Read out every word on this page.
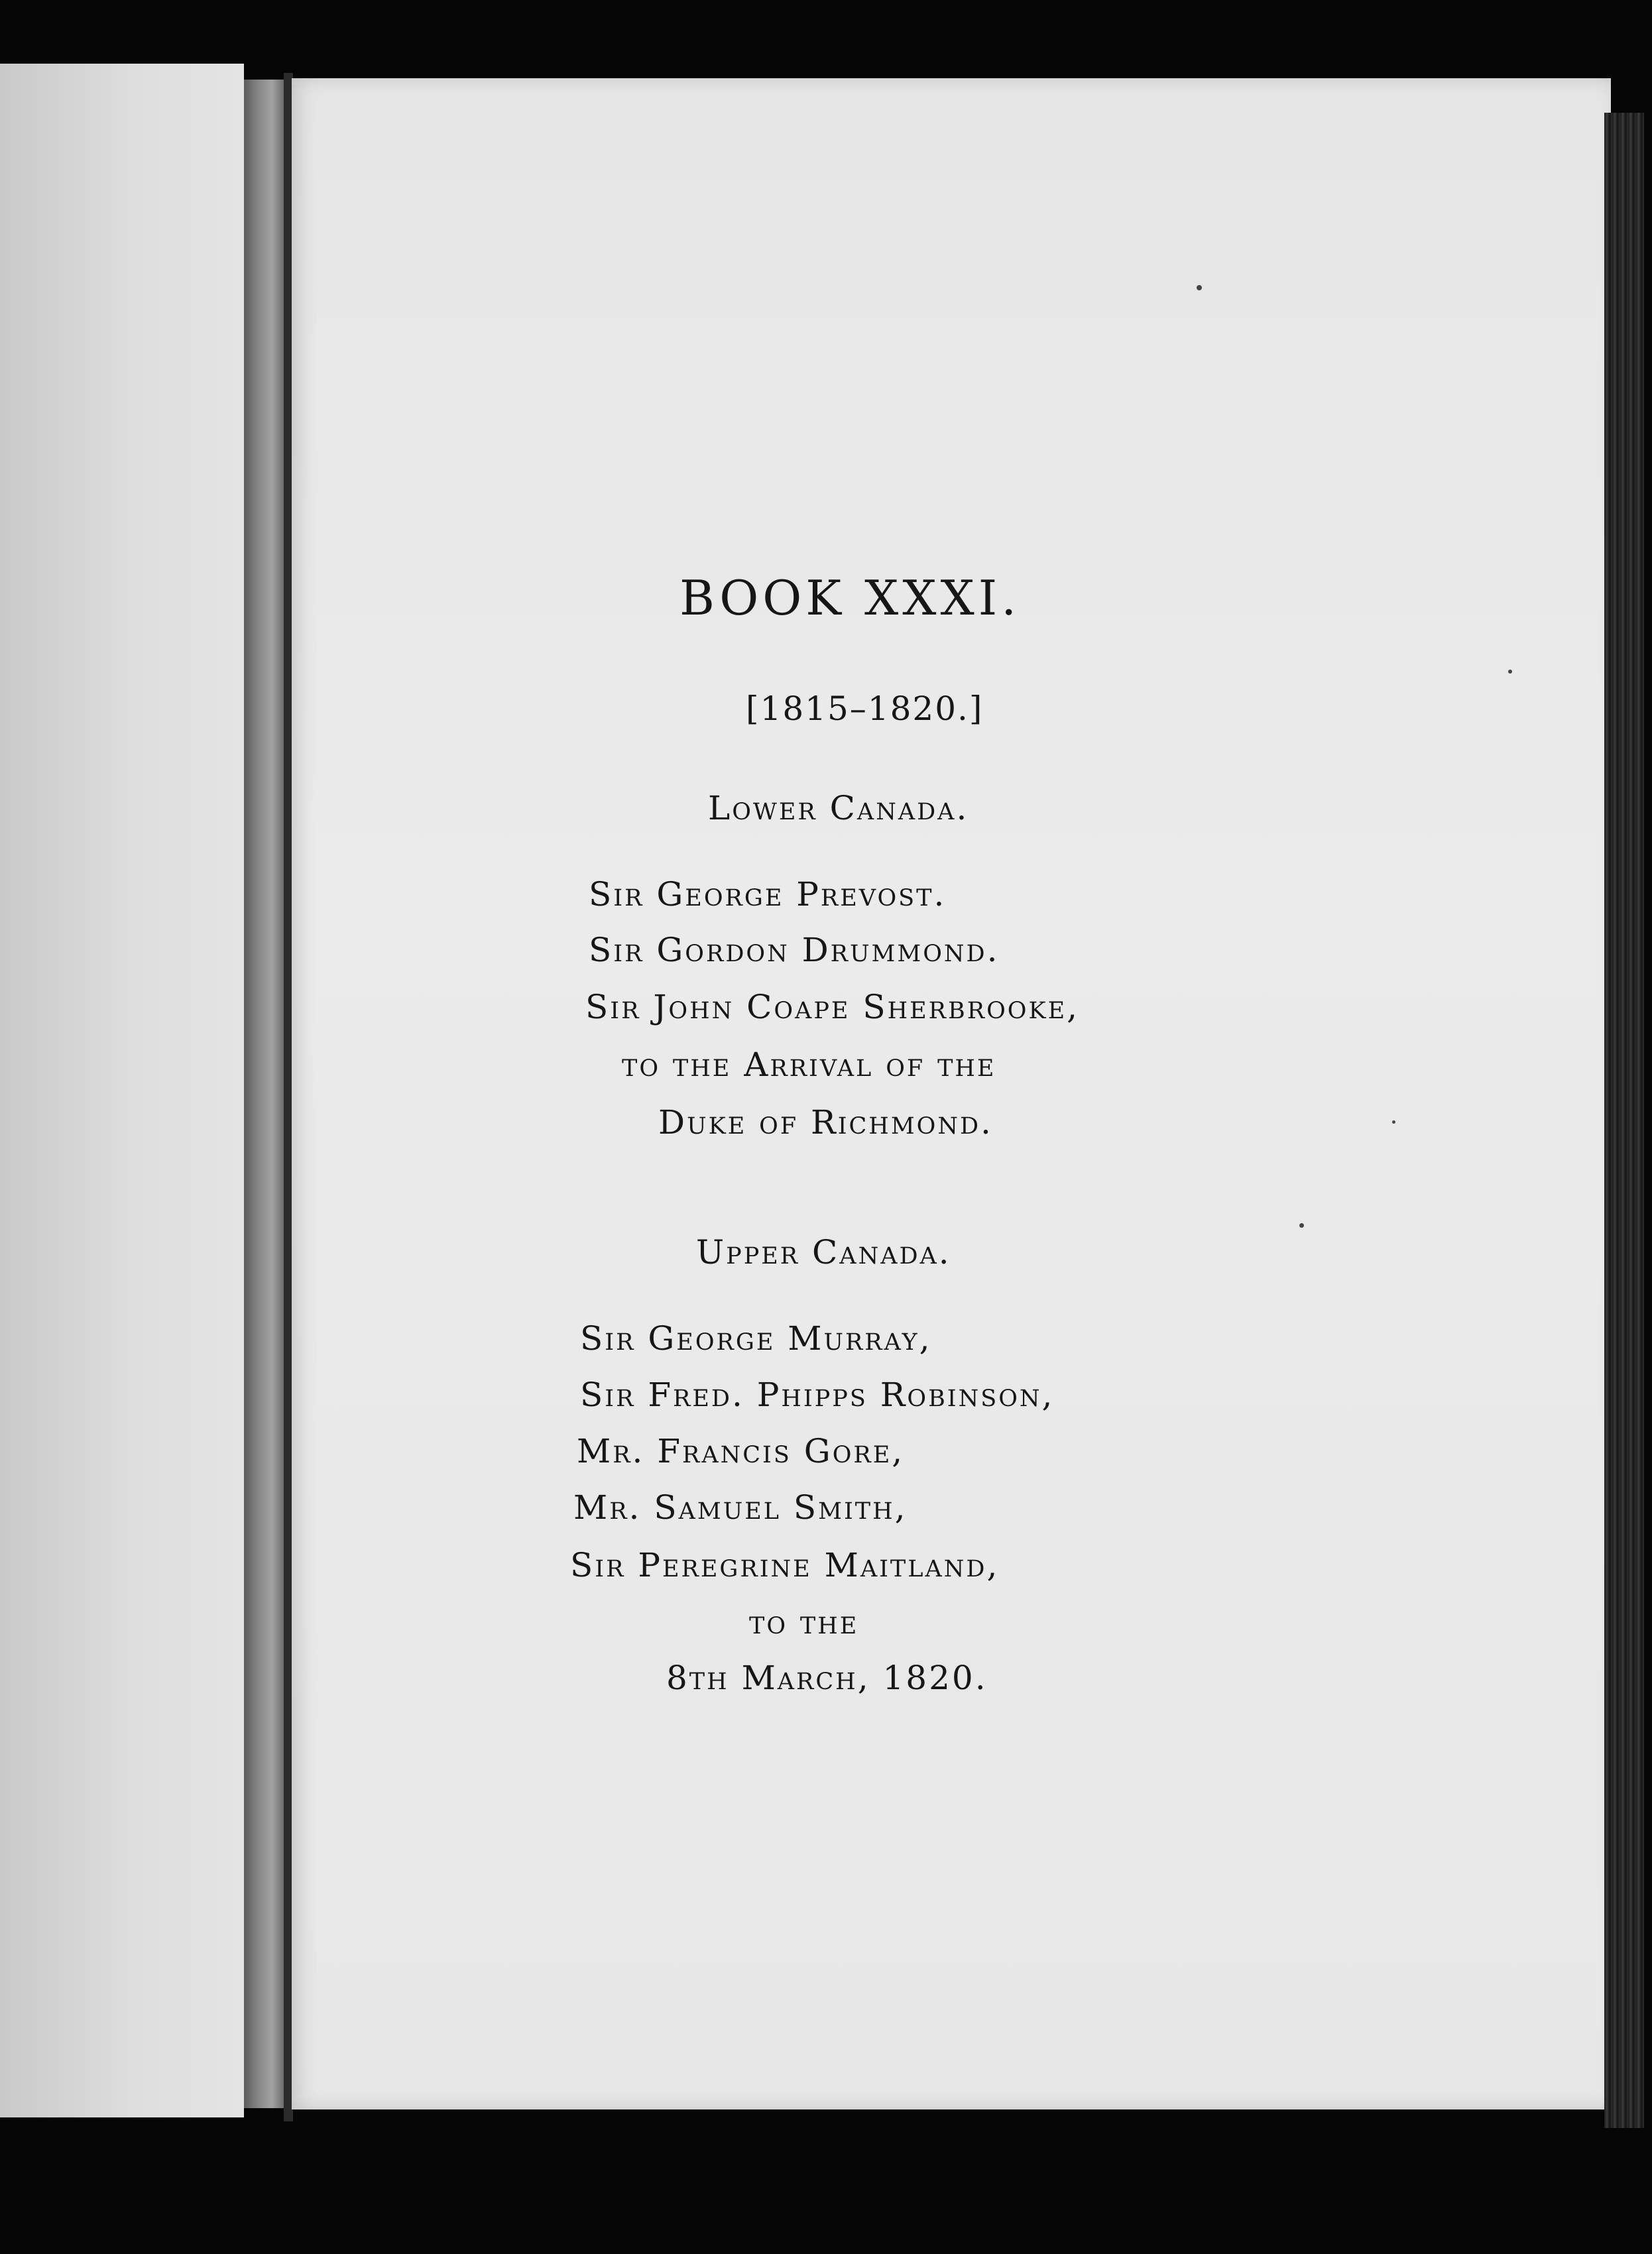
BOOK XXXI.
[1815–1820.]
Lower Canada.
Sir George Prevost.
Sir Gordon Drummond.
Sir John Coape Sherbrooke,
to the Arrival of the
Duke of Richmond.
Upper Canada.
Sir George Murray,
Sir Fred. Phipps Robinson,
Mr. Francis Gore,
Mr. Samuel Smith,
Sir Peregrine Maitland,
to the
8th March, 1820.
